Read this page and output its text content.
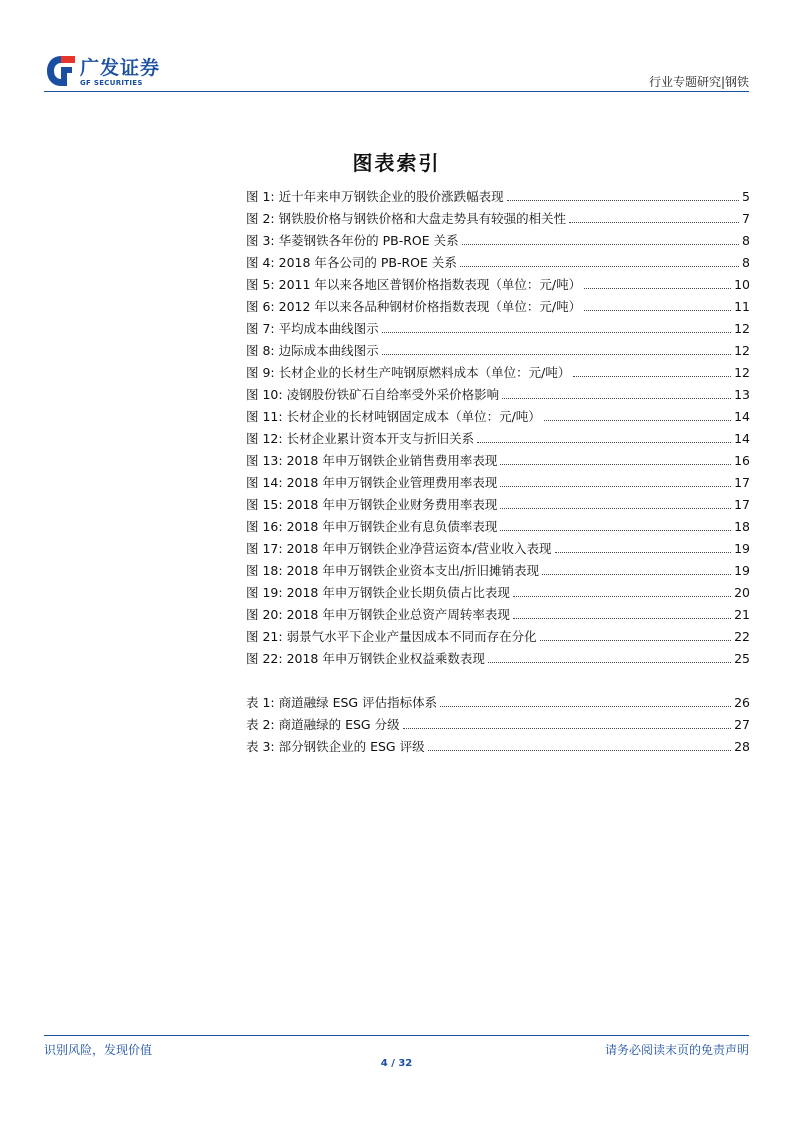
广发证券
GF SECURITIES	行业专题研究|钢铁
图表索引
图 1: 近十年来申万钢铁企业的股价涨跌幅表现	5
图 2: 钢铁股价格与钢铁价格和大盘走势具有较强的相关性	7
图 3: 华菱钢铁各年份的 PB-ROE 关系	8
图 4: 2018 年各公司的 PB-ROE 关系	8
图 5: 2011 年以来各地区普钢价格指数表现（单位：元/吨）	10
图 6: 2012 年以来各品种钢材价格指数表现（单位：元/吨）	11
图 7: 平均成本曲线图示	12
图 8: 边际成本曲线图示	12
图 9: 长材企业的长材生产吨钢原燃料成本（单位：元/吨）	12
图 10: 凌钢股份铁矿石自给率受外采价格影响	13
图 11: 长材企业的长材吨钢固定成本（单位：元/吨）	14
图 12: 长材企业累计资本开支与折旧关系	14
图 13: 2018 年申万钢铁企业销售费用率表现	16
图 14: 2018 年申万钢铁企业管理费用率表现	17
图 15: 2018 年申万钢铁企业财务费用率表现	17
图 16: 2018 年申万钢铁企业有息负债率表现	18
图 17: 2018 年申万钢铁企业净营运资本/营业收入表现	19
图 18: 2018 年申万钢铁企业资本支出/折旧摊销表现	19
图 19: 2018 年申万钢铁企业长期负债占比表现	20
图 20: 2018 年申万钢铁企业总资产周转率表现	21
图 21: 弱景气水平下企业产量因成本不同而存在分化	22
图 22: 2018 年申万钢铁企业权益乘数表现	25
表 1: 商道融绿 ESG 评估指标体系	26
表 2: 商道融绿的 ESG 分级	27
表 3: 部分钢铁企业的 ESG 评级	28
识别风险，发现价值	请务必阅读末页的免责声明
4 / 32
